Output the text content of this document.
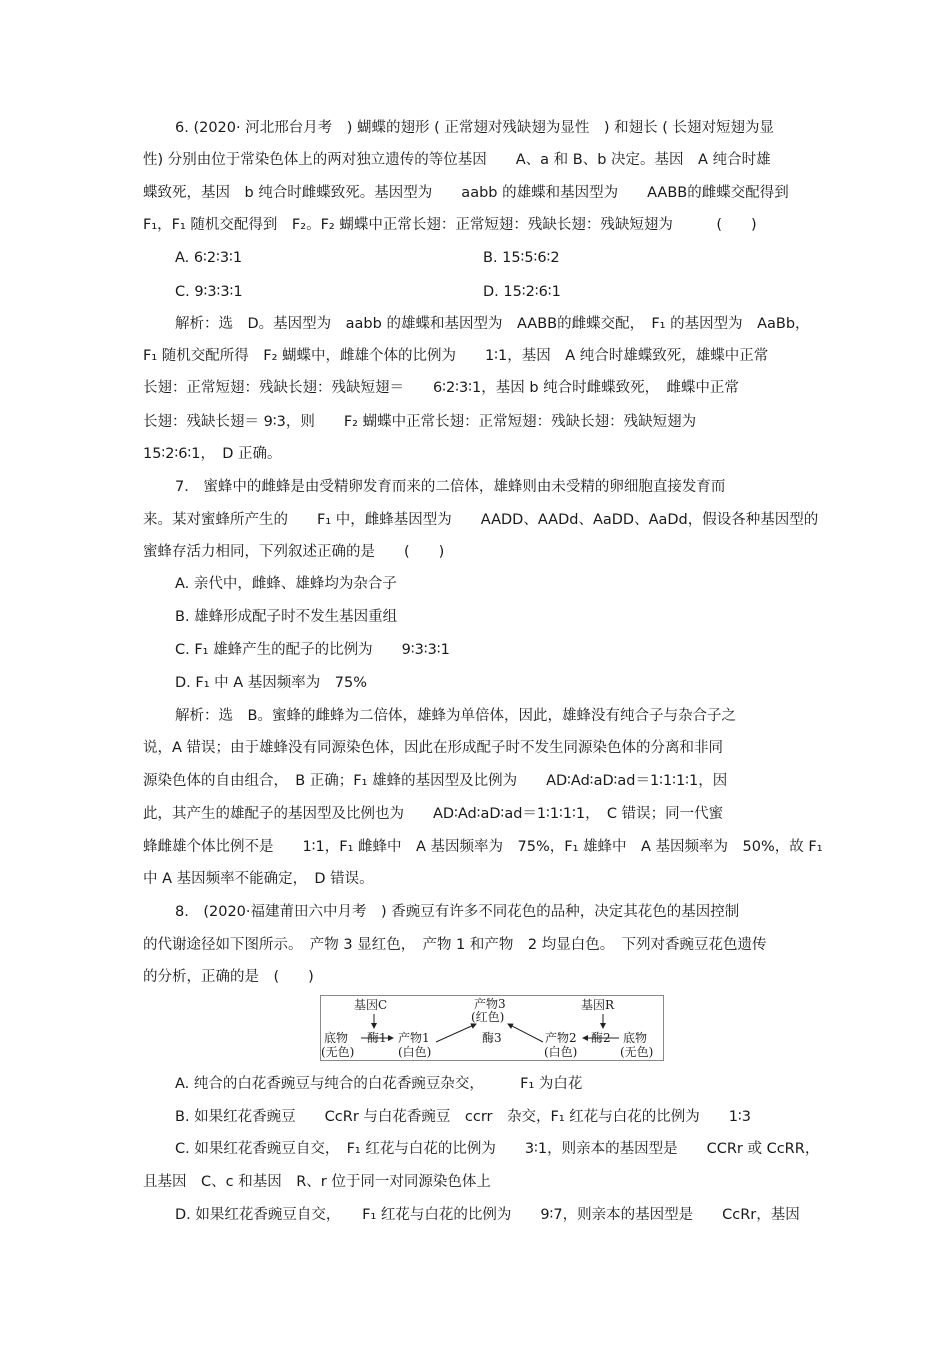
6. (2020· 河北邢台月考　) 蝴蝶的翅形 ( 正常翅对残缺翅为显性　) 和翅长 ( 长翅对短翅为显
性) 分别由位于常染色体上的两对独立遗传的等位基因　　A、a 和 B、b 决定。基因　A 纯合时雄
蝶致死，基因　b 纯合时雌蝶致死。基因型为　　aabb 的雄蝶和基因型为　　AABB的雌蝶交配得到
F₁，F₁ 随机交配得到　F₂。F₂ 蝴蝶中正常长翅：正常短翅：残缺长翅：残缺短翅为　　　(　　)
A. 6∶2∶3∶1	B. 15∶5∶6∶2
C. 9∶3∶3∶1	D. 15∶2∶6∶1
解析：选　D。基因型为　aabb 的雄蝶和基因型为　AABB的雌蝶交配，　F₁ 的基因型为　AaBb，
F₁ 随机交配所得　F₂ 蝴蝶中，雌雄个体的比例为　　1∶1，基因　A 纯合时雄蝶致死，雄蝶中正常
长翅：正常短翅：残缺长翅：残缺短翅＝　　6∶2∶3∶1，基因 b 纯合时雌蝶致死，　雌蝶中正常
长翅：残缺长翅＝ 9∶3，则　　F₂ 蝴蝶中正常长翅：正常短翅：残缺长翅：残缺短翅为
15∶2∶6∶1，　D 正确。
7.　蜜蜂中的雌蜂是由受精卵发育而来的二倍体，雄蜂则由未受精的卵细胞直接发育而
来。某对蜜蜂所产生的　　F₁ 中，雌蜂基因型为　　AADD、AADd、AaDD、AaDd，假设各种基因型的
蜜蜂存活力相同，下列叙述正确的是　　(　　)
A. 亲代中，雌蜂、雄蜂均为杂合子
B. 雄蜂形成配子时不发生基因重组
C. F₁ 雄蜂产生的配子的比例为　　9∶3∶3∶1
D. F₁ 中 A 基因频率为　75%
解析：选　B。蜜蜂的雌蜂为二倍体，雄蜂为单倍体，因此，雄蜂没有纯合子与杂合子之
说，A 错误；由于雄蜂没有同源染色体，因此在形成配子时不发生同源染色体的分离和非同
源染色体的自由组合，　B 正确；F₁ 雄蜂的基因型及比例为　　AD∶Ad∶aD∶ad＝1∶1∶1∶1，因
此，其产生的雄配子的基因型及比例也为　　AD∶Ad∶aD∶ad＝1∶1∶1∶1，　C 错误；同一代蜜
蜂雌雄个体比例不是　　1∶1，F₁ 雌蜂中　A 基因频率为　75%，F₁ 雄蜂中　A 基因频率为　50%，故 F₁
中 A 基因频率不能确定，　D 错误。
8.　(2020·福建莆田六中月考　) 香豌豆有许多不同花色的品种，决定其花色的基因控制
的代谢途径如下图所示。　产物 3 显红色，　产物 1 和产物　2 均显白色。　下列对香豌豆花色遗传
的分析，正确的是　(　　)
基因C	基因R
产物3
(红色)
底物
(无色)
酶1 产物1
(白色)
酶3	产物2
(白色)
酶2 底物
(无色)
A. 纯合的白花香豌豆与纯合的白花香豌豆杂交，　　　F₁ 为白花
B. 如果红花香豌豆　　CcRr 与白花香豌豆　ccrr　杂交，F₁ 红花与白花的比例为　　1∶3
C. 如果红花香豌豆自交，　F₁ 红花与白花的比例为　　3∶1，则亲本的基因型是　　CCRr 或 CcRR，
且基因　C、c 和基因　R、r 位于同一对同源染色体上
D. 如果红花香豌豆自交，　　F₁ 红花与白花的比例为　　9∶7，则亲本的基因型是　　CcRr，基因
